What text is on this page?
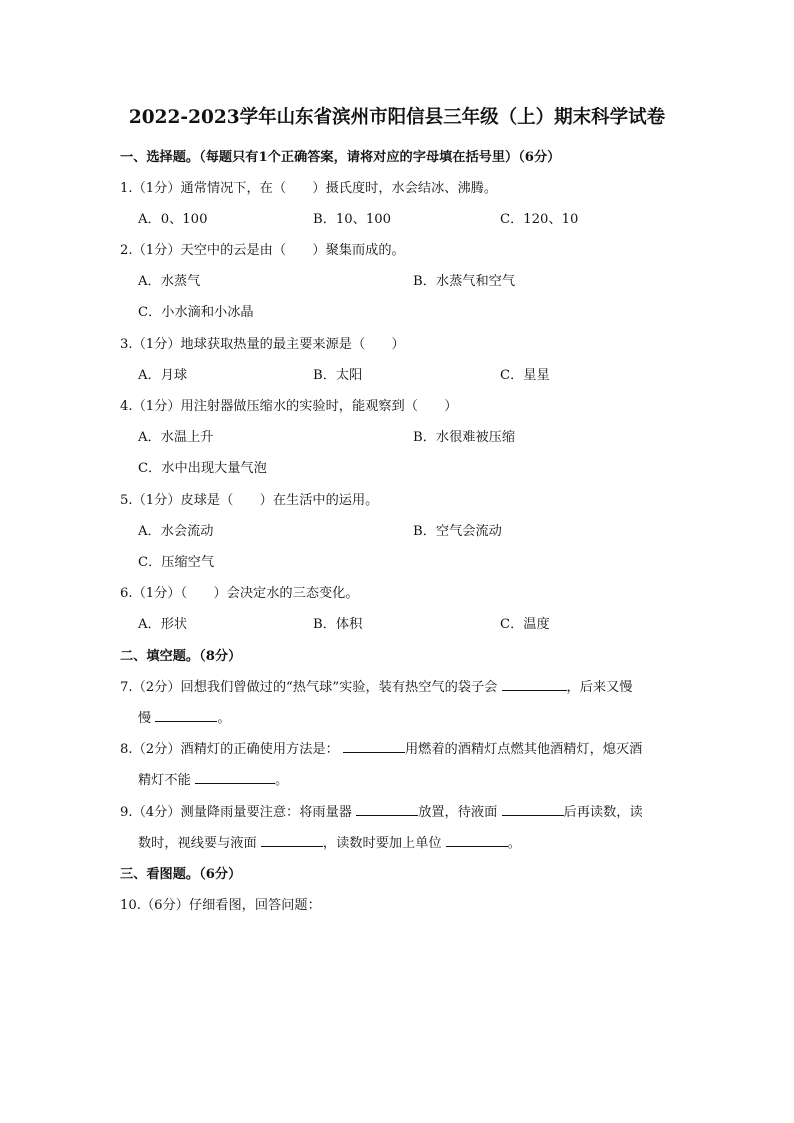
2022-2023学年山东省滨州市阳信县三年级（上）期末科学试卷
一、选择题。（每题只有1个正确答案，请将对应的字母填在括号里）（6分）
1.（1分）通常情况下，在（　　）摄氏度时，水会结冰、沸腾。
A．0、100	B．10、100	C．120、10
2.（1分）天空中的云是由（　　）聚集而成的。
A．水蒸气	B．水蒸气和空气
C．小水滴和小冰晶
3.（1分）地球获取热量的最主要来源是（　　）
A．月球	B．太阳	C．星星
4.（1分）用注射器做压缩水的实验时，能观察到（　　）
A．水温上升	B．水很难被压缩
C．水中出现大量气泡
5.（1分）皮球是（　　）在生活中的运用。
A．水会流动	B．空气会流动
C．压缩空气
6.（1分）（　　）会决定水的三态变化。
A．形状	B．体积	C．温度
二、填空题。（8分）
7.（2分）回想我们曾做过的“热气球”实验，装有热空气的袋子会	，后来又慢
慢	。
8.（2分）酒精灯的正确使用方法是：	用燃着的酒精灯点燃其他酒精灯，熄灭酒
精灯不能	。
9.（4分）测量降雨量要注意：将雨量器	放置，待液面	后再读数，读
数时，视线要与液面	，读数时要加上单位	。
三、看图题。（6分）
10.（6分）仔细看图，回答问题：
